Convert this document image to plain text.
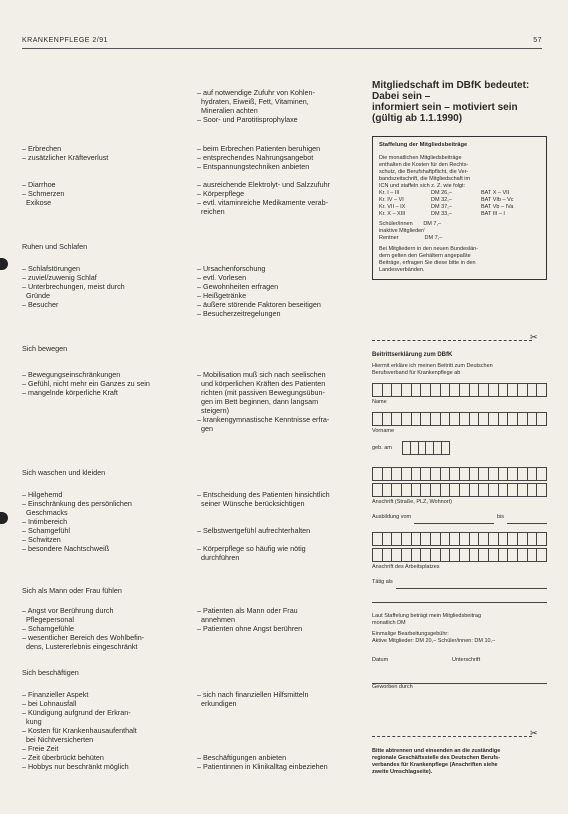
KRANKENPFLEGE 2/91	57
– auf notwendige Zufuhr von Kohlen-
hydraten, Eiweiß, Fett, Vitaminen,
Mineralien achten
– Soor- und Parotitisprophylaxe
– Erbrechen
– zusätzlicher Kräfteverlust
– beim Erbrechen Patienten beruhigen
– entsprechendes Nahrungsangebot
– Entspannungstechniken anbieten
– Diarrhoe
– Schmerzen
Exikose
– ausreichende Elektrolyt- und Salzzufuhr
– Körperpflege
– evtl. vitaminreiche Medikamente verab-
reichen
Ruhen und Schlafen
– Schlafstörungen
– zuviel/zuwenig Schlaf
– Unterbrechungen, meist durch
Gründe
– Besucher
– Ursachenforschung
– evtl. Vorlesen
– Gewohnheiten erfragen
– Heißgetränke
– äußere störende Faktoren beseitigen
– Besucherzeitregelungen
Sich bewegen
– Bewegungseinschränkungen
– Gefühl, nicht mehr ein Ganzes zu sein
– mangelnde körperliche Kraft
– Mobilisation muß sich nach seelischen
und körperlichen Kräften des Patienten
richten (mit passiven Bewegungsübun-
gen im Bett beginnen, dann langsam
steigern)
– krankengymnastische Kenntnisse erfra-
gen
Sich waschen und kleiden
– Hilgehemd
– Einschränkung des persönlichen
Geschmacks
– Intimbereich
– Schamgefühl
– Schwitzen
– besondere Nachtschweiß
– Entscheidung des Patienten hinsichtlich
seiner Wünsche berücksichtigen

– Selbstwertgefühl aufrechterhalten

– Körperpflege so häufig wie nötig
durchführen
Sich als Mann oder Frau fühlen
– Angst vor Berührung durch
Pflegepersonal
– Schamgefühle
– wesentlicher Bereich des Wohlbefin-
dens, Lustererlebnis eingeschränkt
– Patienten als Mann oder Frau
annehmen
– Patienten ohne Angst berühren
Sich beschäftigen
– Finanzieller Aspekt
– bei Lohnausfall
– Kündigung aufgrund der Erkran-
kung
– Kosten für Krankenhausaufenthalt
bei Nichtversicherten
– Freie Zeit
– Zeit überbrückt behüten
– Hobbys nur beschränkt möglich
– sich nach finanziellen Hilfsmitteln
erkundigen

– Beschäftigungen anbieten
– Patientinnen in Klinikalltag einbeziehen
Mitgliedschaft im DBfK bedeutet:
Dabei sein –
informiert sein – motiviert sein
(gültig ab 1.1.1990)
Staffelung der Mitgliedsbeiträge
Die monatlichen Mitgliedsbeiträge
enthalten die Kosten für den Rechts-
schutz, die Berufshaftpflicht, die Ver-
bandszeitschrift, die Mitgliedschaft im
ICN und staffeln sich z. Z. wie folgt:
Kr. I – III	DM 26,–	BAT X – VII
Kr. IV – VI	DM 32,–	BAT VIb – Vc
Kr. VII – IX	DM 37,–	BAT Vb – IVa
Kr. X – XIII	DM 33,–	BAT III – I
Schüler/innen       DM 7,–
inaktive Mitglieder/
Rentner                 DM 7,–
Bei Mitgliedern in den neuen Bundeslän-
dern gelten den Gehältern angepaßte
Beiträge, erfragen Sie diese bitte in den
Landesverbänden.
✂
Beitrittserklärung zum DBfK
Hiermit erkläre ich meinen Beitritt zum Deutschen
Berufsverband für Krankenpflege ab
Name
Vorname
geb. am
Anschrift (Straße, PLZ, Wohnort)
Ausbildung vom	bis
Anschrift des Arbeitsplatzes
Tätig als
Laut Staffelung beträgt mein Mitgliedsbeitrag
monatlich DM
Einmalige Bearbeitungsgebühr:
Aktive Mitglieder: DM 20,– Schüler/innen: DM 10,–
Datum	Unterschrift
Geworben durch
✂
Bitte abtrennen und einsenden an die zuständige
regionale Geschäftsstelle des Deutschen Berufs-
verbandes für Krankenpflege (Anschriften siehe
zweite Umschlagseite).
